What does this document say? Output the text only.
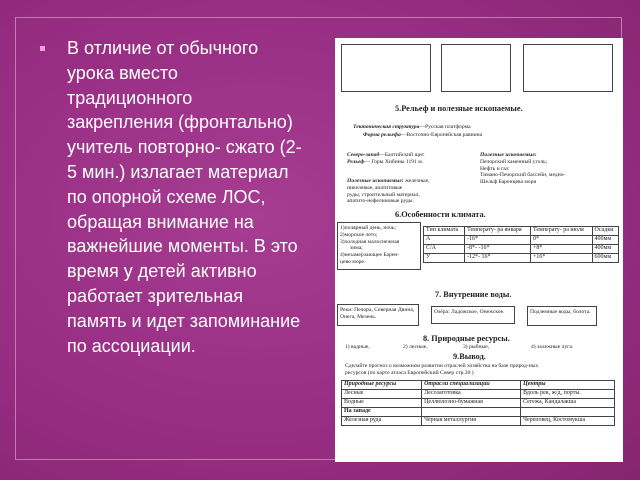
В отличие от обычного урока вместо традиционного закрепления (фронтально) учитель повторно- сжато (2-5 мин.) излагает материал по опорной схеме ЛОС, обращая внимание на важнейшие моменты. В это время у детей активно работает зрительная память и идет запоминание по ассоциации.

5.Рельеф и полезные ископаемые.
Тектоническая структура—Русская платформа
Форма рельефа—Восточно-Европейская равнина
Северо-запад—Балтийский щит
Рельеф— Горы Хибины 1191 м.
Полезные ископаемые:
Печорский каменный уголь;
Нефть и газ:
Тимано-Печорский бассейн, медно-
Шельф Баренцева моря
Полезные ископаемые: железные,
никелевые, апатитовые
руды, строительный материал,
апатито-нефелиновые руды.
6.Особенности климата.
1)полярный день, ночь;
2)морское лето;
3)холодная малоснежная
зима;
4)незамерзающее Барен-
цево море.
Тип климата	Температу- ра января	Температу- ра июля	Осадки
А	-16*	0*	400мм
С/А	-8*- -16*	+8*	400мм
У	-12*- 16*	+16*	600мм
7. Внутренние воды.
Реки: Печора, Северная Двина, Онега, Мезень.
Озёра: Ладожское, Онежское.	Подземные воды, болота.
8. Природные ресурсы.
1) водные,	2) лесные,	3) рыбные,	4) залежные луга.
9.Вывод.
Сделайте прогноз о возможном развитии отраслей хозяйства на базе природ-ных
ресурсов (по карте атласа Европейский Север стр.30 )
Природные ресурсы	Отрасли специализации	Центры
Лесные	Лесозаготовка	Вдоль рек, ж/д, порты.
Водные	Целлюлозно-бумажная	Сегежа, Кандалакша
На западе		
Железная руда	Чёрная металлургия	Череповец, Костомукша
